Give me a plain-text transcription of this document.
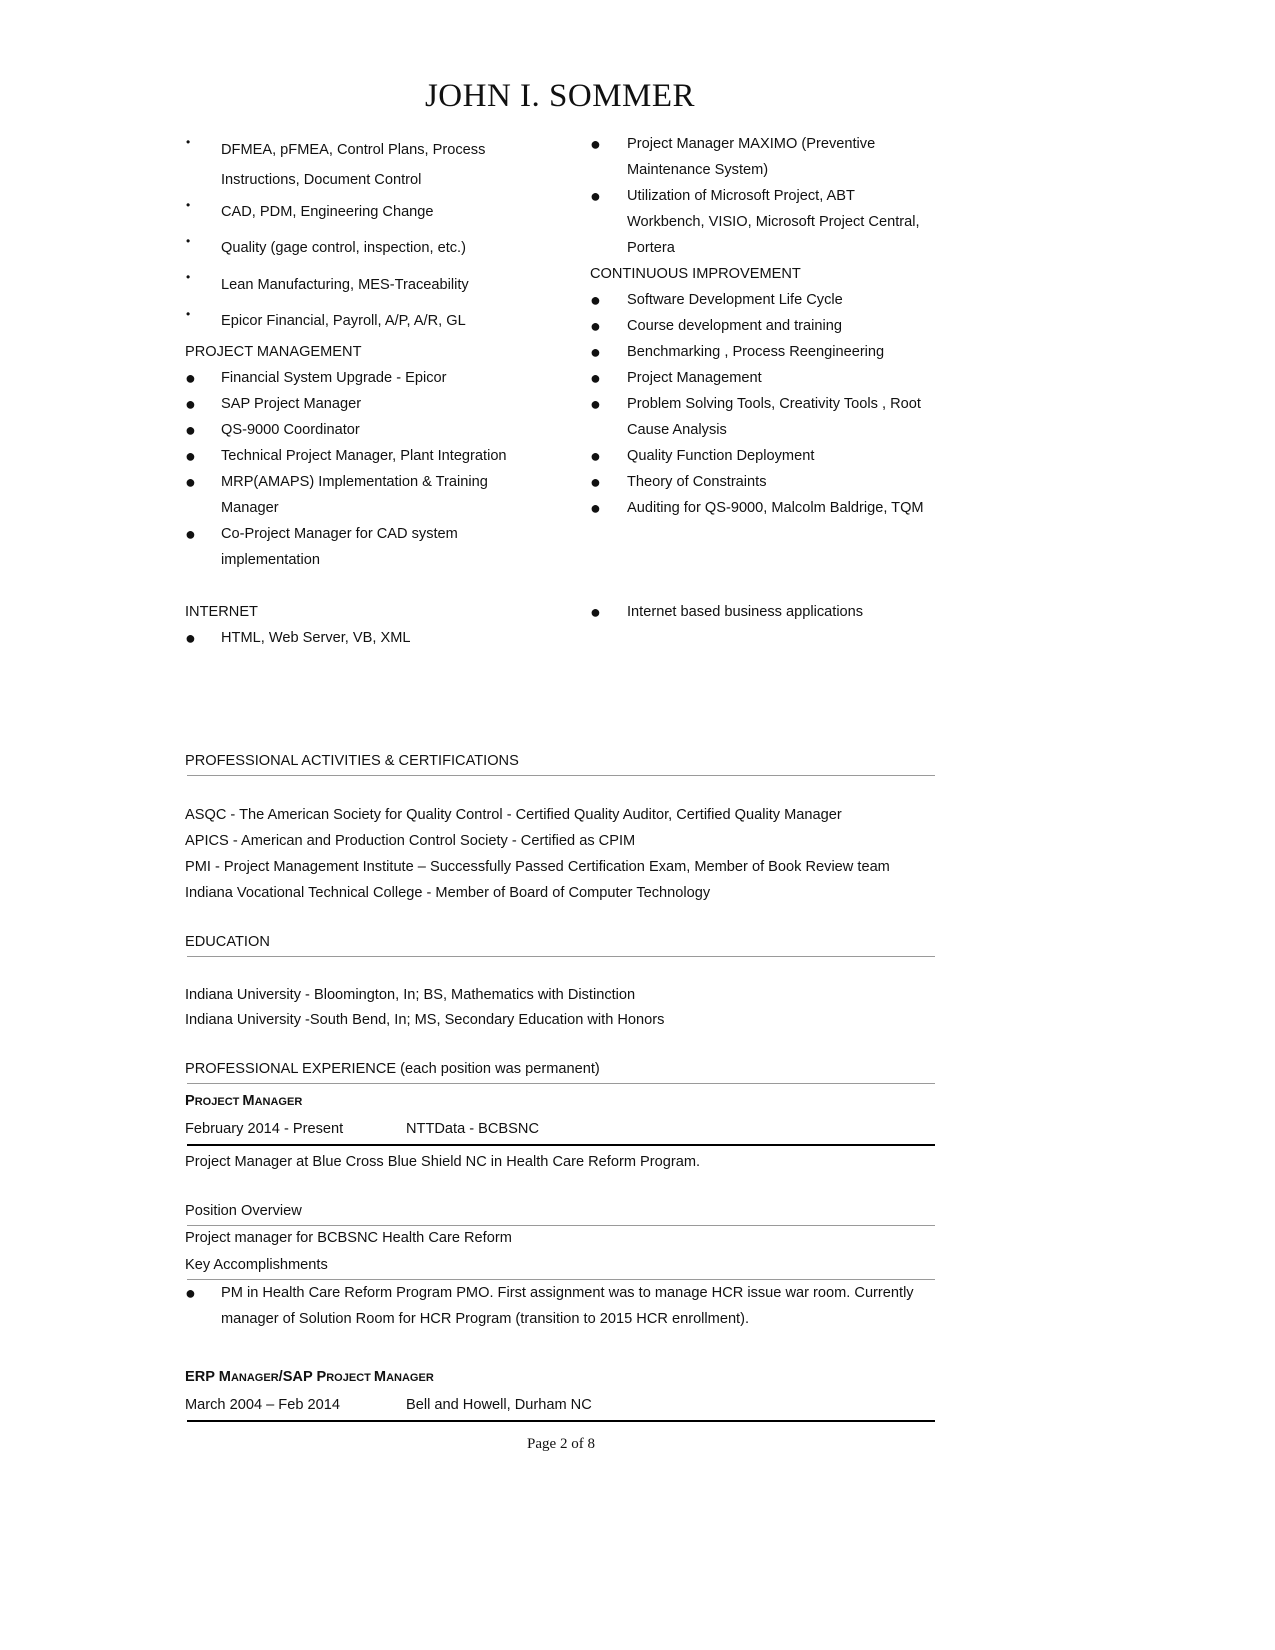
JOHN I. SOMMER
• DFMEA, pFMEA, Control Plans, Process
Instructions, Document Control
• CAD, PDM, Engineering Change
• Quality (gage control, inspection, etc.)
• Lean Manufacturing, MES-Traceability
• Epicor Financial, Payroll, A/P, A/R, GL
PROJECT MANAGEMENT
● Financial System Upgrade - Epicor
● SAP Project Manager
● QS-9000 Coordinator
● Technical Project Manager, Plant Integration
● MRP(AMAPS) Implementation & Training
Manager
● Co-Project Manager for CAD system
implementation
● Project Manager MAXIMO (Preventive
Maintenance System)
● Utilization of Microsoft Project, ABT
Workbench, VISIO, Microsoft Project Central,
Portera
CONTINUOUS IMPROVEMENT
● Software Development Life Cycle
● Course development and training
● Benchmarking , Process Reengineering
● Project Management
● Problem Solving Tools, Creativity Tools , Root
Cause Analysis
● Quality Function Deployment
● Theory of Constraints
● Auditing for QS-9000, Malcolm Baldrige, TQM
INTERNET
● HTML, Web Server, VB, XML
● Internet based business applications
PROFESSIONAL ACTIVITIES & CERTIFICATIONS
ASQC - The American Society for Quality Control - Certified Quality Auditor, Certified Quality Manager
APICS - American and Production Control Society - Certified as CPIM
PMI - Project Management Institute – Successfully Passed Certification Exam, Member of Book Review team
Indiana Vocational Technical College - Member of Board of Computer Technology
EDUCATION
Indiana University - Bloomington, In; BS, Mathematics with Distinction
Indiana University -South Bend, In; MS, Secondary Education with Honors
PROFESSIONAL EXPERIENCE (each position was permanent)
PROJECT MANAGER
February 2014 - Present	NTTData - BCBSNC
Project Manager at Blue Cross Blue Shield NC in Health Care Reform Program.
Position Overview
Project manager for BCBSNC Health Care Reform
Key Accomplishments
● PM in Health Care Reform Program PMO. First assignment was to manage HCR issue war room. Currently
manager of Solution Room for HCR Program (transition to 2015 HCR enrollment).
ERP MANAGER/SAP PROJECT MANAGER
March 2004 – Feb 2014	Bell and Howell, Durham NC
Page 2 of 8
